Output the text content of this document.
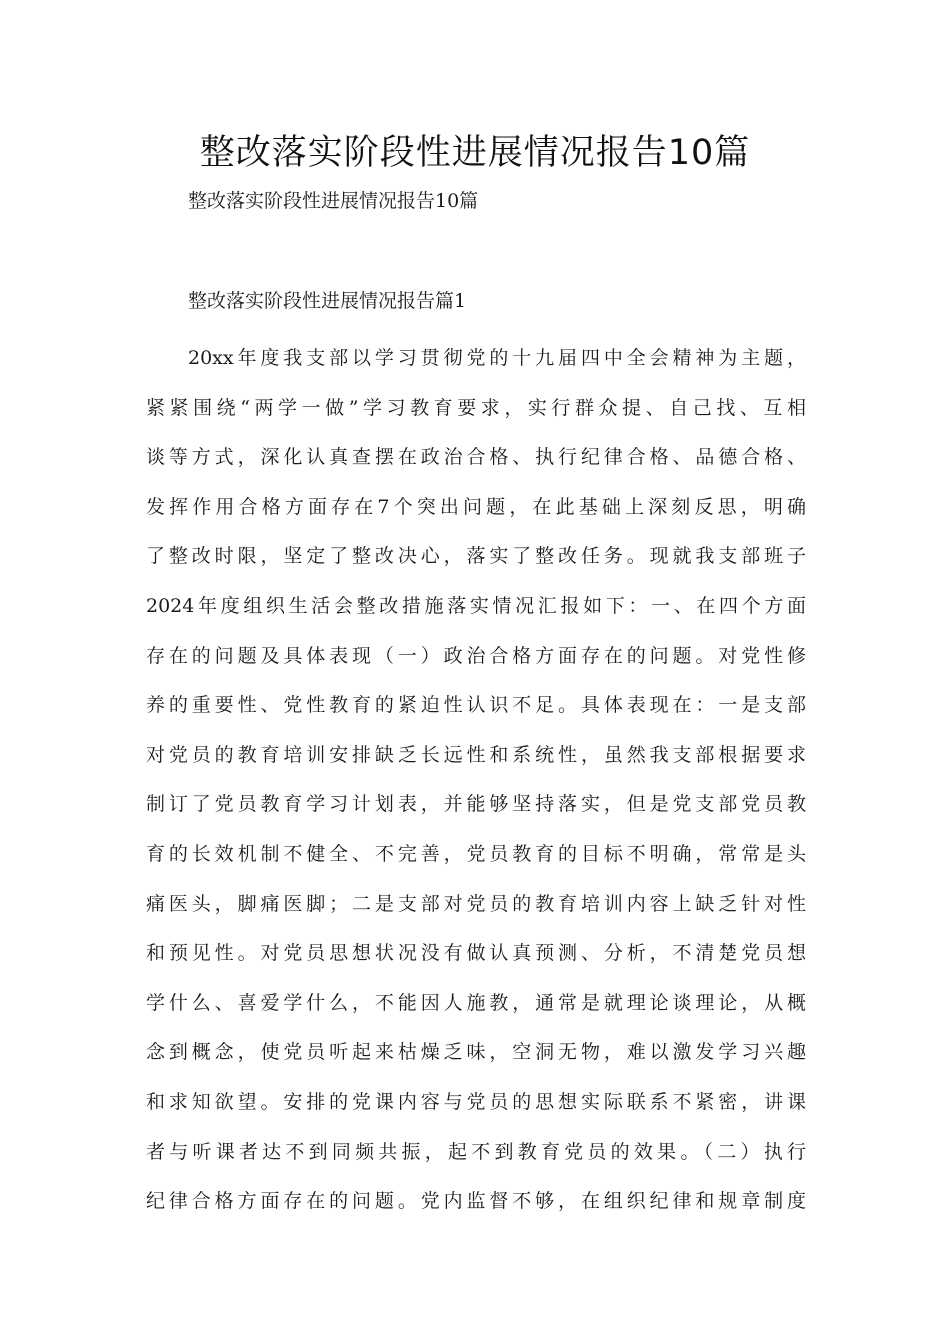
整改落实阶段性进展情况报告10篇

整改落实阶段性进展情况报告10篇

整改落实阶段性进展情况报告篇1

20xx年度我支部以学习贯彻党的十九届四中全会精神为主题，
紧紧围绕“两学一做”学习教育要求，实行群众提、自己找、互相
谈等方式，深化认真查摆在政治合格、执行纪律合格、品德合格、
发挥作用合格方面存在7个突出问题，在此基础上深刻反思，明确
了整改时限，坚定了整改决心，落实了整改任务。现就我支部班子
2024年度组织生活会整改措施落实情况汇报如下：一、在四个方面
存在的问题及具体表现（一）政治合格方面存在的问题。对党性修
养的重要性、党性教育的紧迫性认识不足。具体表现在：一是支部
对党员的教育培训安排缺乏长远性和系统性，虽然我支部根据要求
制订了党员教育学习计划表，并能够坚持落实，但是党支部党员教
育的长效机制不健全、不完善，党员教育的目标不明确，常常是头
痛医头，脚痛医脚；二是支部对党员的教育培训内容上缺乏针对性
和预见性。对党员思想状况没有做认真预测、分析，不清楚党员想
学什么、喜爱学什么，不能因人施教，通常是就理论谈理论，从概
念到概念，使党员听起来枯燥乏味，空洞无物，难以激发学习兴趣
和求知欲望。安排的党课内容与党员的思想实际联系不紧密，讲课
者与听课者达不到同频共振，起不到教育党员的效果。（二）执行
纪律合格方面存在的问题。党内监督不够，在组织纪律和规章制度
